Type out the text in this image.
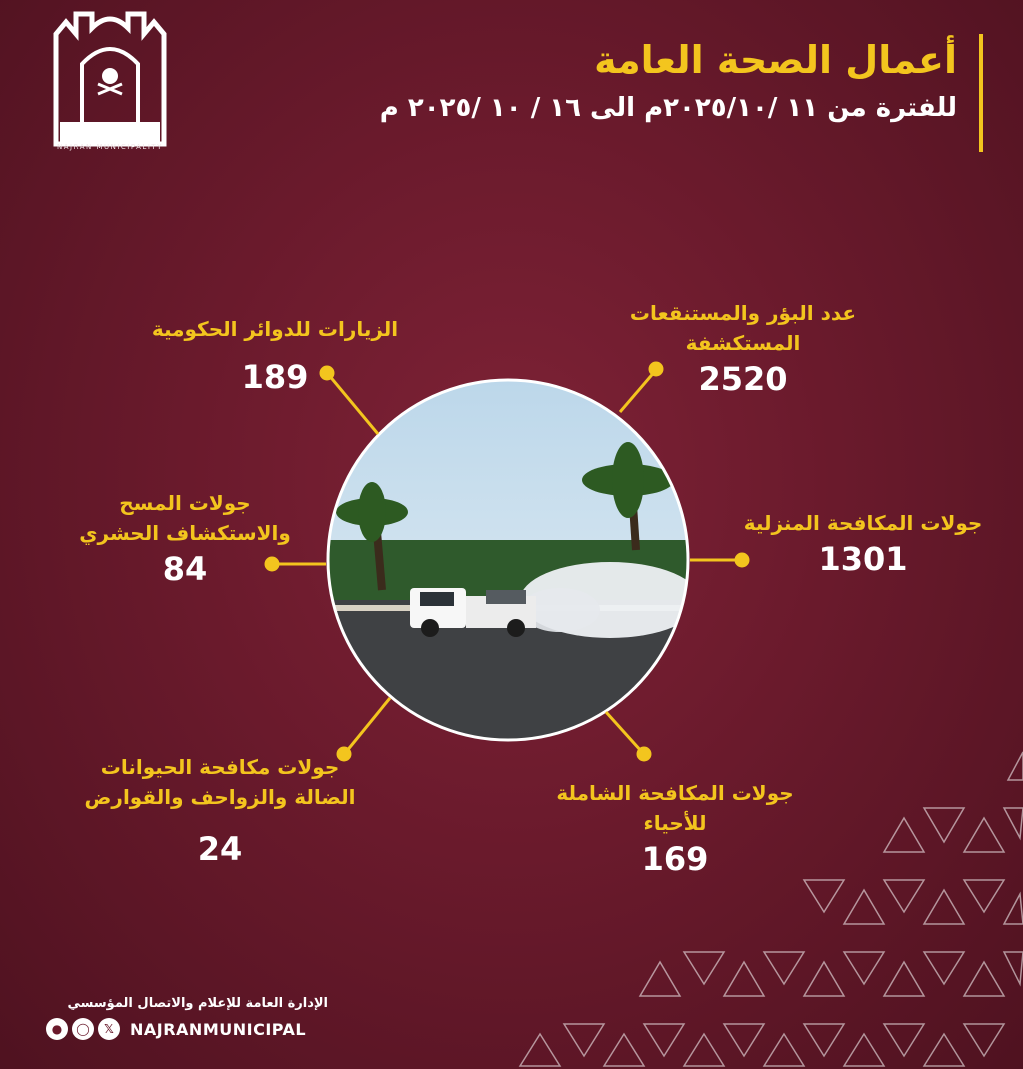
NAJRAN MUNICIPALITY
أعمال الصحة العامة
للفترة من ١١ /٢٠٢٥/١٠م الى ١٦ / ١٠ /٢٠٢٥ م
عدد البؤر والمستنقعات
المستكشفة
2520
جولات المكافحة المنزلية
1301
جولات المكافحة الشاملة
للأحياء
169
الزيارات للدوائر الحكومية
189
جولات المسح
والاستكشاف الحشري
84
جولات مكافحة الحيوانات
الضالة والزواحف والقوارض
24
الإدارة العامة للإعلام والاتصال المؤسسي
●	◯	𝕏	NAJRANMUNICIPAL
